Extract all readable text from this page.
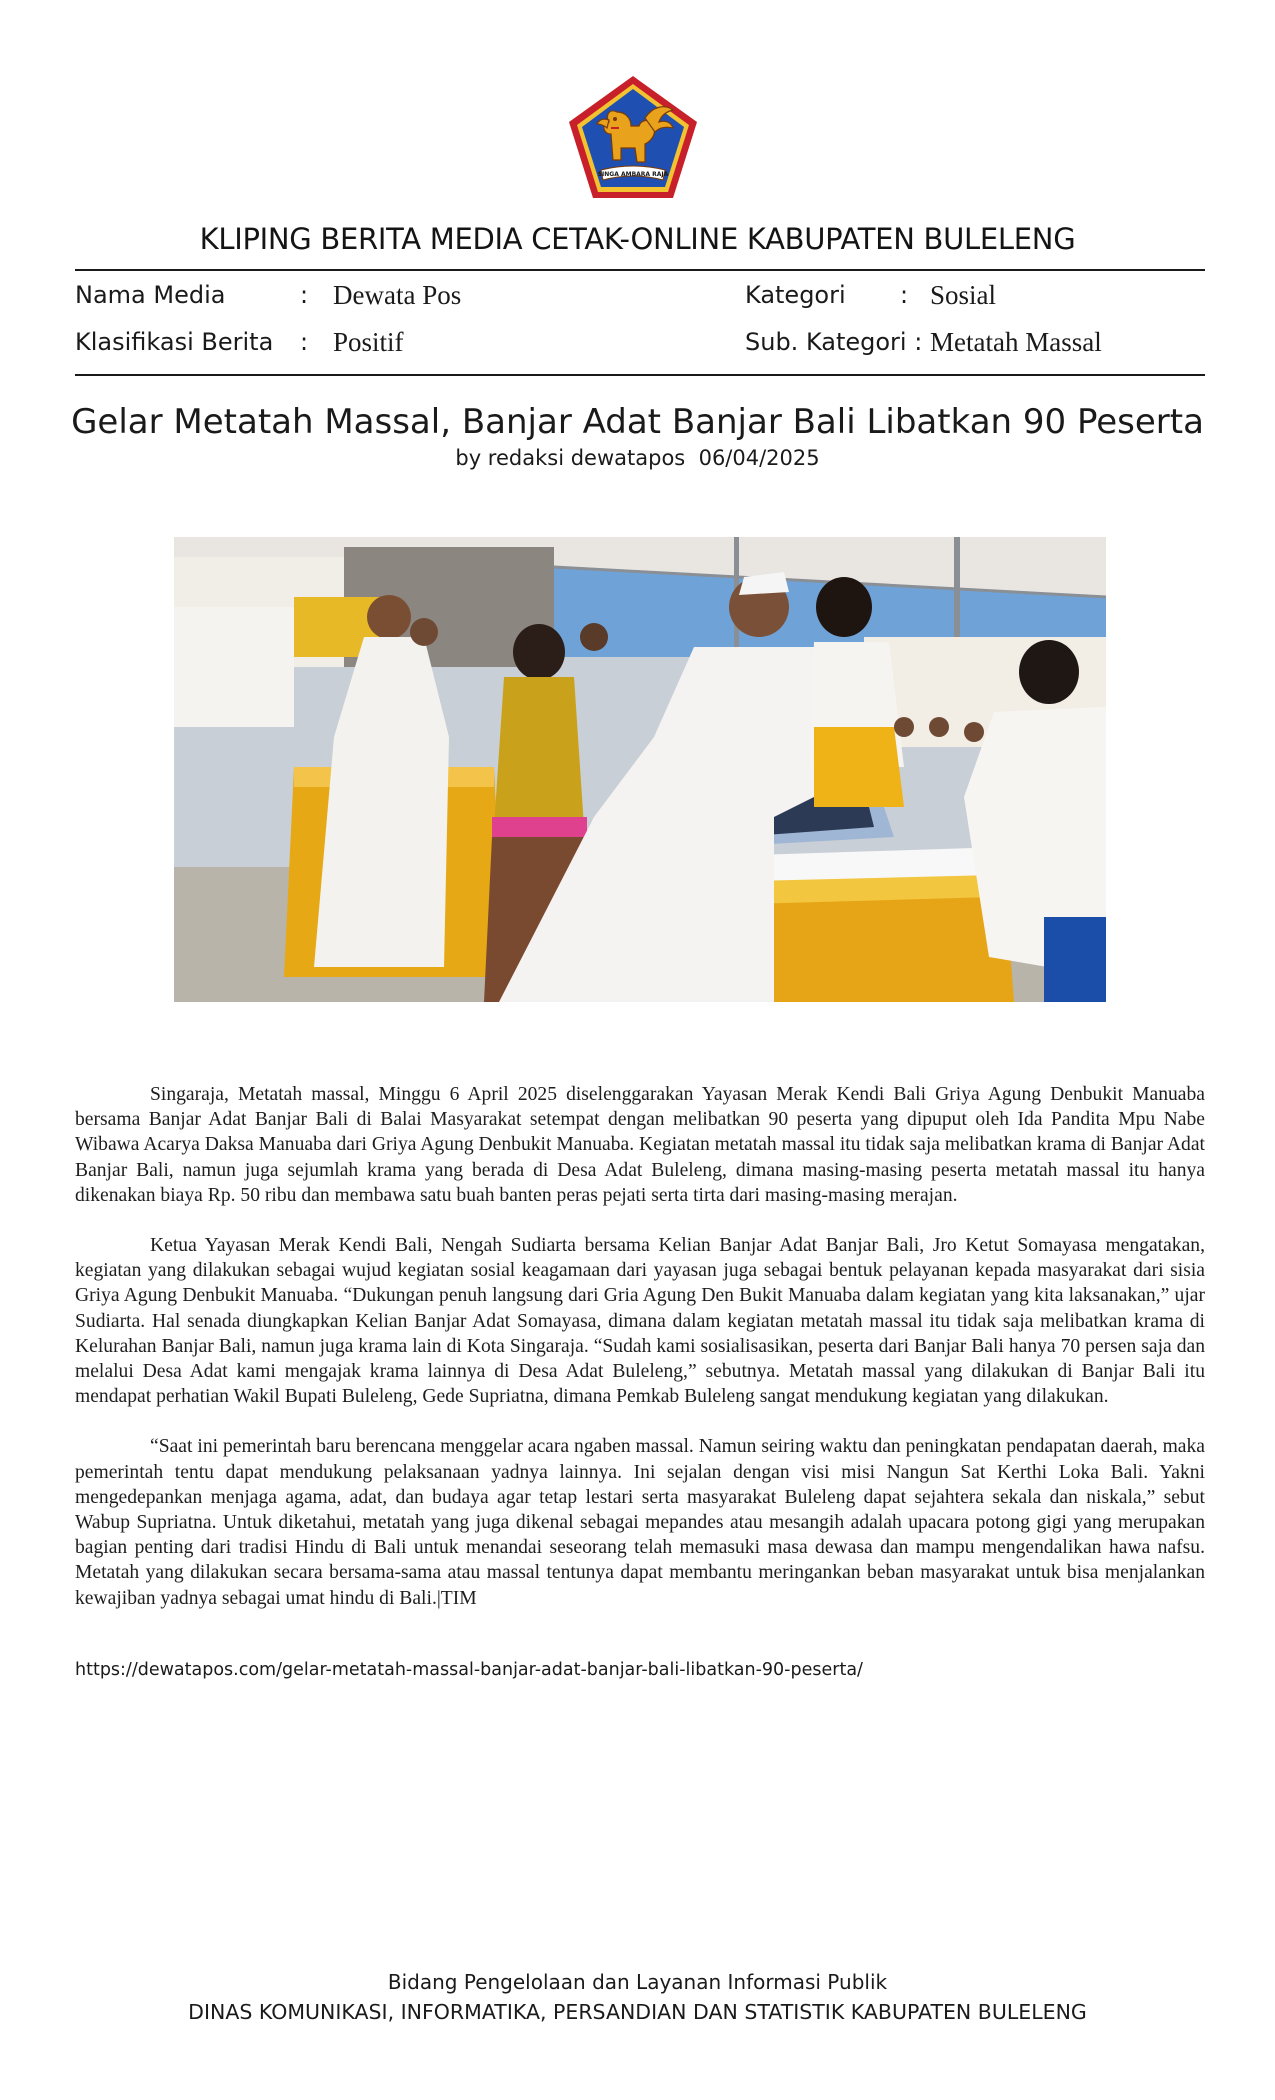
SINGA AMBARA RAJA
KLIPING BERITA MEDIA CETAK-ONLINE KABUPATEN BULELENG
Nama Media	: Dewata Pos	Kategori : Sosial
Klasifikasi Berita : Positif	Sub. Kategori : Metatah Massal
Gelar Metatah Massal, Banjar Adat Banjar Bali Libatkan 90 Peserta
by redaksi dewatapos  06/04/2025

Singaraja, Metatah massal, Minggu 6 April 2025 diselenggarakan Yayasan Merak Kendi Bali Griya Agung Denbukit Manuaba bersama Banjar Adat Banjar Bali di Balai Masyarakat setempat dengan melibatkan 90 peserta yang dipuput oleh Ida Pandita Mpu Nabe Wibawa Acarya Daksa Manuaba dari Griya Agung Denbukit Manuaba. Kegiatan metatah massal itu tidak saja melibatkan krama di Banjar Adat Banjar Bali, namun juga sejumlah krama yang berada di Desa Adat Buleleng, dimana masing-masing peserta metatah massal itu hanya dikenakan biaya Rp. 50 ribu dan membawa satu buah banten peras pejati serta tirta dari masing-masing merajan.

Ketua Yayasan Merak Kendi Bali, Nengah Sudiarta bersama Kelian Banjar Adat Banjar Bali, Jro Ketut Somayasa mengatakan, kegiatan yang dilakukan sebagai wujud kegiatan sosial keagamaan dari yayasan juga sebagai bentuk pelayanan kepada masyarakat dari sisia Griya Agung Denbukit Manuaba. “Dukungan penuh langsung dari Gria Agung Den Bukit Manuaba dalam kegiatan yang kita laksanakan,” ujar Sudiarta. Hal senada diungkapkan Kelian Banjar Adat Somayasa, dimana dalam kegiatan metatah massal itu tidak saja melibatkan krama di Kelurahan Banjar Bali, namun juga krama lain di Kota Singaraja. “Sudah kami sosialisasikan, peserta dari Banjar Bali hanya 70 persen saja dan melalui Desa Adat kami mengajak krama lainnya di Desa Adat Buleleng,” sebutnya. Metatah massal yang dilakukan di Banjar Bali itu mendapat perhatian Wakil Bupati Buleleng, Gede Supriatna, dimana Pemkab Buleleng sangat mendukung kegiatan yang dilakukan.

“Saat ini pemerintah baru berencana menggelar acara ngaben massal. Namun seiring waktu dan peningkatan pendapatan daerah, maka pemerintah tentu dapat mendukung pelaksanaan yadnya lainnya. Ini sejalan dengan visi misi Nangun Sat Kerthi Loka Bali. Yakni mengedepankan menjaga agama, adat, dan budaya agar tetap lestari serta masyarakat Buleleng dapat sejahtera sekala dan niskala,” sebut Wabup Supriatna. Untuk diketahui, metatah yang juga dikenal sebagai mepandes atau mesangih adalah upacara potong gigi yang merupakan bagian penting dari tradisi Hindu di Bali untuk menandai seseorang telah memasuki masa dewasa dan mampu mengendalikan hawa nafsu. Metatah yang dilakukan secara bersama-sama atau massal tentunya dapat membantu meringankan beban masyarakat untuk bisa menjalankan kewajiban yadnya sebagai umat hindu di Bali.|TIM

https://dewatapos.com/gelar-metatah-massal-banjar-adat-banjar-bali-libatkan-90-peserta/
Bidang Pengelolaan dan Layanan Informasi Publik
DINAS KOMUNIKASI, INFORMATIKA, PERSANDIAN DAN STATISTIK KABUPATEN BULELENG
